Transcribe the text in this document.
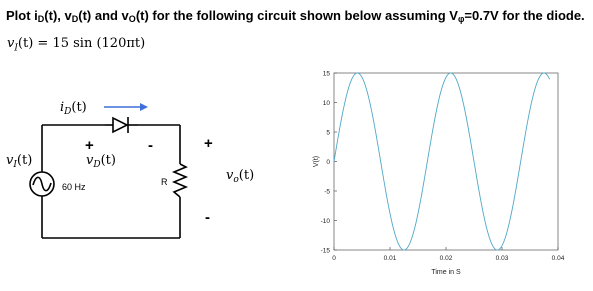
Plot $i_D(t)$, $v_D(t)$ and $v_O(t)$ for the following circuit shown below assuming $V_\varphi=0.7V$ for the diode.
$v_I(t) = 15$ sin (120πt)
iD(t)
vD(t)
vI(t)
vo(t)
60 Hz	R
+	-	+
-
15
10
5
0
-5
-10
-15
0	0.01	0.02	0.03	0.04
V(t)
Time in S
